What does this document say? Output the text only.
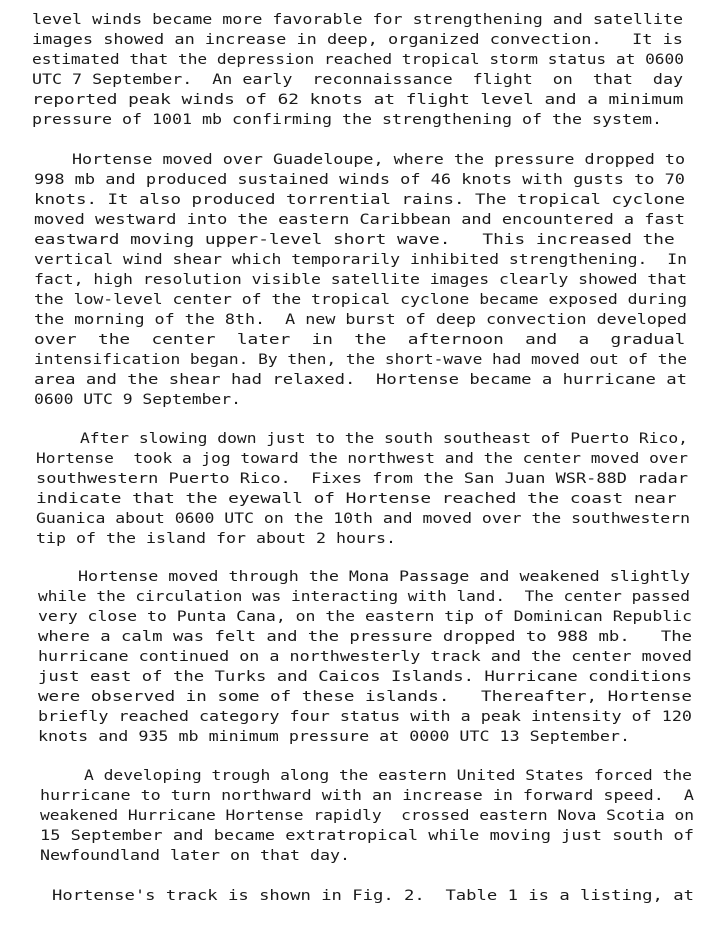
level winds became more favorable for strengthening and satellite
images showed an increase in deep, organized convection.   It is
estimated that the depression reached tropical storm status at 0600
UTC 7 September.  An early  reconnaissance  flight  on  that  day
reported peak winds of 62 knots at flight level and a minimum
pressure of 1001 mb confirming the strengthening of the system.
Hortense moved over Guadeloupe, where the pressure dropped to
998 mb and produced sustained winds of 46 knots with gusts to 70
knots. It also produced torrential rains. The tropical cyclone
moved westward into the eastern Caribbean and encountered a fast
eastward moving upper-level short wave.   This increased the
vertical wind shear which temporarily inhibited strengthening.  In
fact, high resolution visible satellite images clearly showed that
the low-level center of the tropical cyclone became exposed during
the morning of the 8th.  A new burst of deep convection developed
over  the  center  later  in  the  afternoon  and  a  gradual
intensification began. By then, the short-wave had moved out of the
area and the shear had relaxed.  Hortense became a hurricane at
0600 UTC 9 September.
After slowing down just to the south southeast of Puerto Rico,
Hortense  took a jog toward the northwest and the center moved over
southwestern Puerto Rico.  Fixes from the San Juan WSR-88D radar
indicate that the eyewall of Hortense reached the coast near
Guanica about 0600 UTC on the 10th and moved over the southwestern
tip of the island for about 2 hours.
Hortense moved through the Mona Passage and weakened slightly
while the circulation was interacting with land.  The center passed
very close to Punta Cana, on the eastern tip of Dominican Republic
where a calm was felt and the pressure dropped to 988 mb.   The
hurricane continued on a northwesterly track and the center moved
just east of the Turks and Caicos Islands. Hurricane conditions
were observed in some of these islands.   Thereafter, Hortense
briefly reached category four status with a peak intensity of 120
knots and 935 mb minimum pressure at 0000 UTC 13 September.
A developing trough along the eastern United States forced the
hurricane to turn northward with an increase in forward speed.  A
weakened Hurricane Hortense rapidly  crossed eastern Nova Scotia on
15 September and became extratropical while moving just south of
Newfoundland later on that day.
Hortense's track is shown in Fig. 2.  Table 1 is a listing, at
